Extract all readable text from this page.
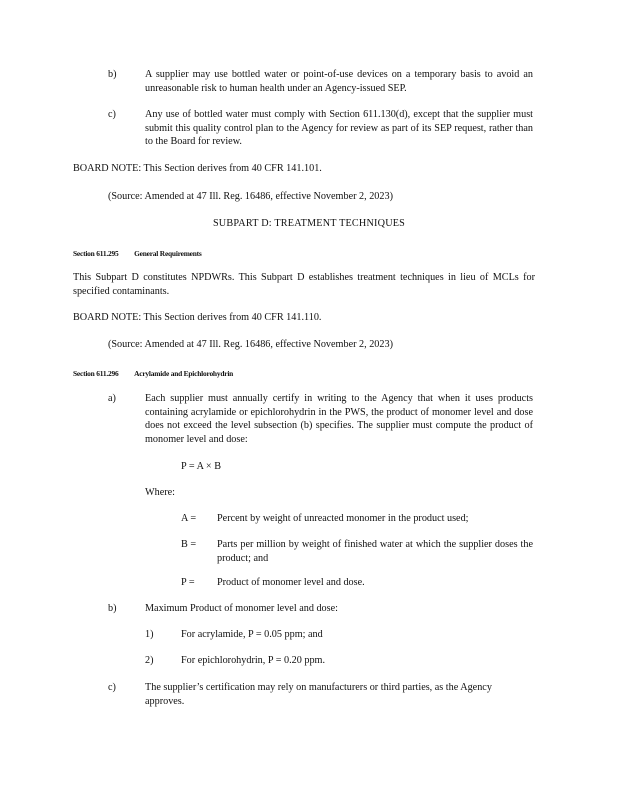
b)	A supplier may use bottled water or point-of-use devices on a temporary basis to avoid an unreasonable risk to human health under an Agency-issued SEP.
c)	Any use of bottled water must comply with Section 611.130(d), except that the supplier must submit this quality control plan to the Agency for review as part of its SEP request, rather than to the Board for review.
BOARD NOTE: This Section derives from 40 CFR 141.101.
(Source: Amended at 47 Ill. Reg. 16486, effective November 2, 2023)
SUBPART D: TREATMENT TECHNIQUES
Section 611.295 General Requirements
This Subpart D constitutes NPDWRs. This Subpart D establishes treatment techniques in lieu of MCLs for specified contaminants.
BOARD NOTE: This Section derives from 40 CFR 141.110.
(Source: Amended at 47 Ill. Reg. 16486, effective November 2, 2023)
Section 611.296 Acrylamide and Epichlorohydrin
a)	Each supplier must annually certify in writing to the Agency that when it uses products containing acrylamide or epichlorohydrin in the PWS, the product of monomer level and dose does not exceed the level subsection (b) specifies. The supplier must compute the product of monomer level and dose:
P = A × B
Where:
A = Percent by weight of unreacted monomer in the product used;
B = Parts per million by weight of finished water at which the supplier doses the product; and
P = Product of monomer level and dose.
b)	Maximum Product of monomer level and dose:
1)	For acrylamide, P = 0.05 ppm; and
2)	For epichlorohydrin, P = 0.20 ppm.
c)	The supplier’s certification may rely on manufacturers or third parties, as the Agency approves.
